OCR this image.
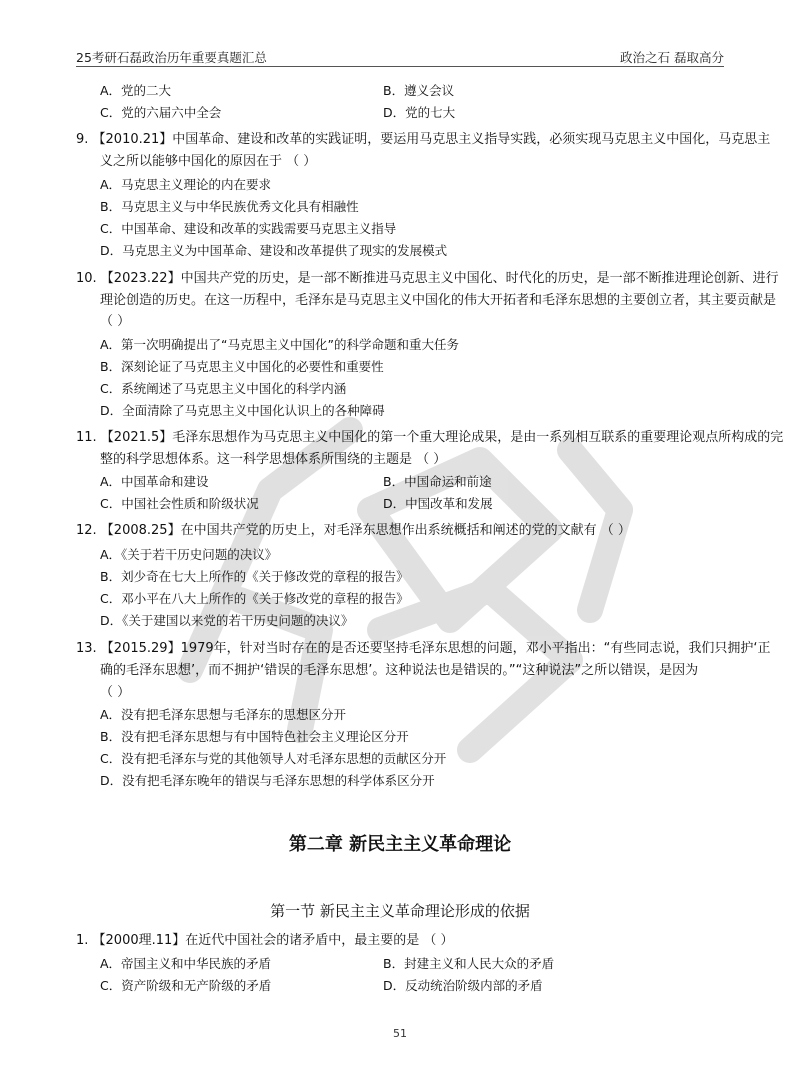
25考研石磊政治历年重要真题汇总	政治之石 磊取高分
A．党的二大	B．遵义会议
C．党的六届六中全会	D．党的七大
9. 【2010.21】中国革命、建设和改革的实践证明，要运用马克思主义指导实践，必须实现马克思主义中国化，马克思主
义之所以能够中国化的原因在于 （ ）
A．马克思主义理论的内在要求
B．马克思主义与中华民族优秀文化具有相融性
C．中国革命、建设和改革的实践需要马克思主义指导
D．马克思主义为中国革命、建设和改革提供了现实的发展模式
10. 【2023.22】中国共产党的历史，是一部不断推进马克思主义中国化、时代化的历史，是一部不断推进理论创新、进行
理论创造的历史。在这一历程中，毛泽东是马克思主义中国化的伟大开拓者和毛泽东思想的主要创立者，其主要贡献是
（ ）
A．第一次明确提出了“马克思主义中国化”的科学命题和重大任务
B．深刻论证了马克思主义中国化的必要性和重要性
C．系统阐述了马克思主义中国化的科学内涵
D．全面清除了马克思主义中国化认识上的各种障碍
11. 【2021.5】毛泽东思想作为马克思主义中国化的第一个重大理论成果，是由一系列相互联系的重要理论观点所构成的完
整的科学思想体系。这一科学思想体系所围绕的主题是 （ ）
A．中国革命和建设	B．中国命运和前途
C．中国社会性质和阶级状况	D．中国改革和发展
12. 【2008.25】在中国共产党的历史上，对毛泽东思想作出系统概括和阐述的党的文献有 （ ）
A．《关于若干历史问题的决议》
B．刘少奇在七大上所作的《关于修改党的章程的报告》
C．邓小平在八大上所作的《关于修改党的章程的报告》
D．《关于建国以来党的若干历史问题的决议》
13. 【2015.29】1979年，针对当时存在的是否还要坚持毛泽东思想的问题，邓小平指出：“有些同志说，我们只拥护‘正
确的毛泽东思想’，而不拥护‘错误的毛泽东思想’。这种说法也是错误的。”“这种说法”之所以错误，是因为
（ ）
A．没有把毛泽东思想与毛泽东的思想区分开
B．没有把毛泽东思想与有中国特色社会主义理论区分开
C．没有把毛泽东与党的其他领导人对毛泽东思想的贡献区分开
D．没有把毛泽东晚年的错误与毛泽东思想的科学体系区分开
第二章 新民主主义革命理论
第一节 新民主主义革命理论形成的依据
1. 【2000理.11】在近代中国社会的诸矛盾中，最主要的是 （ ）
A．帝国主义和中华民族的矛盾	B．封建主义和人民大众的矛盾
C．资产阶级和无产阶级的矛盾	D．反动统治阶级内部的矛盾
51
